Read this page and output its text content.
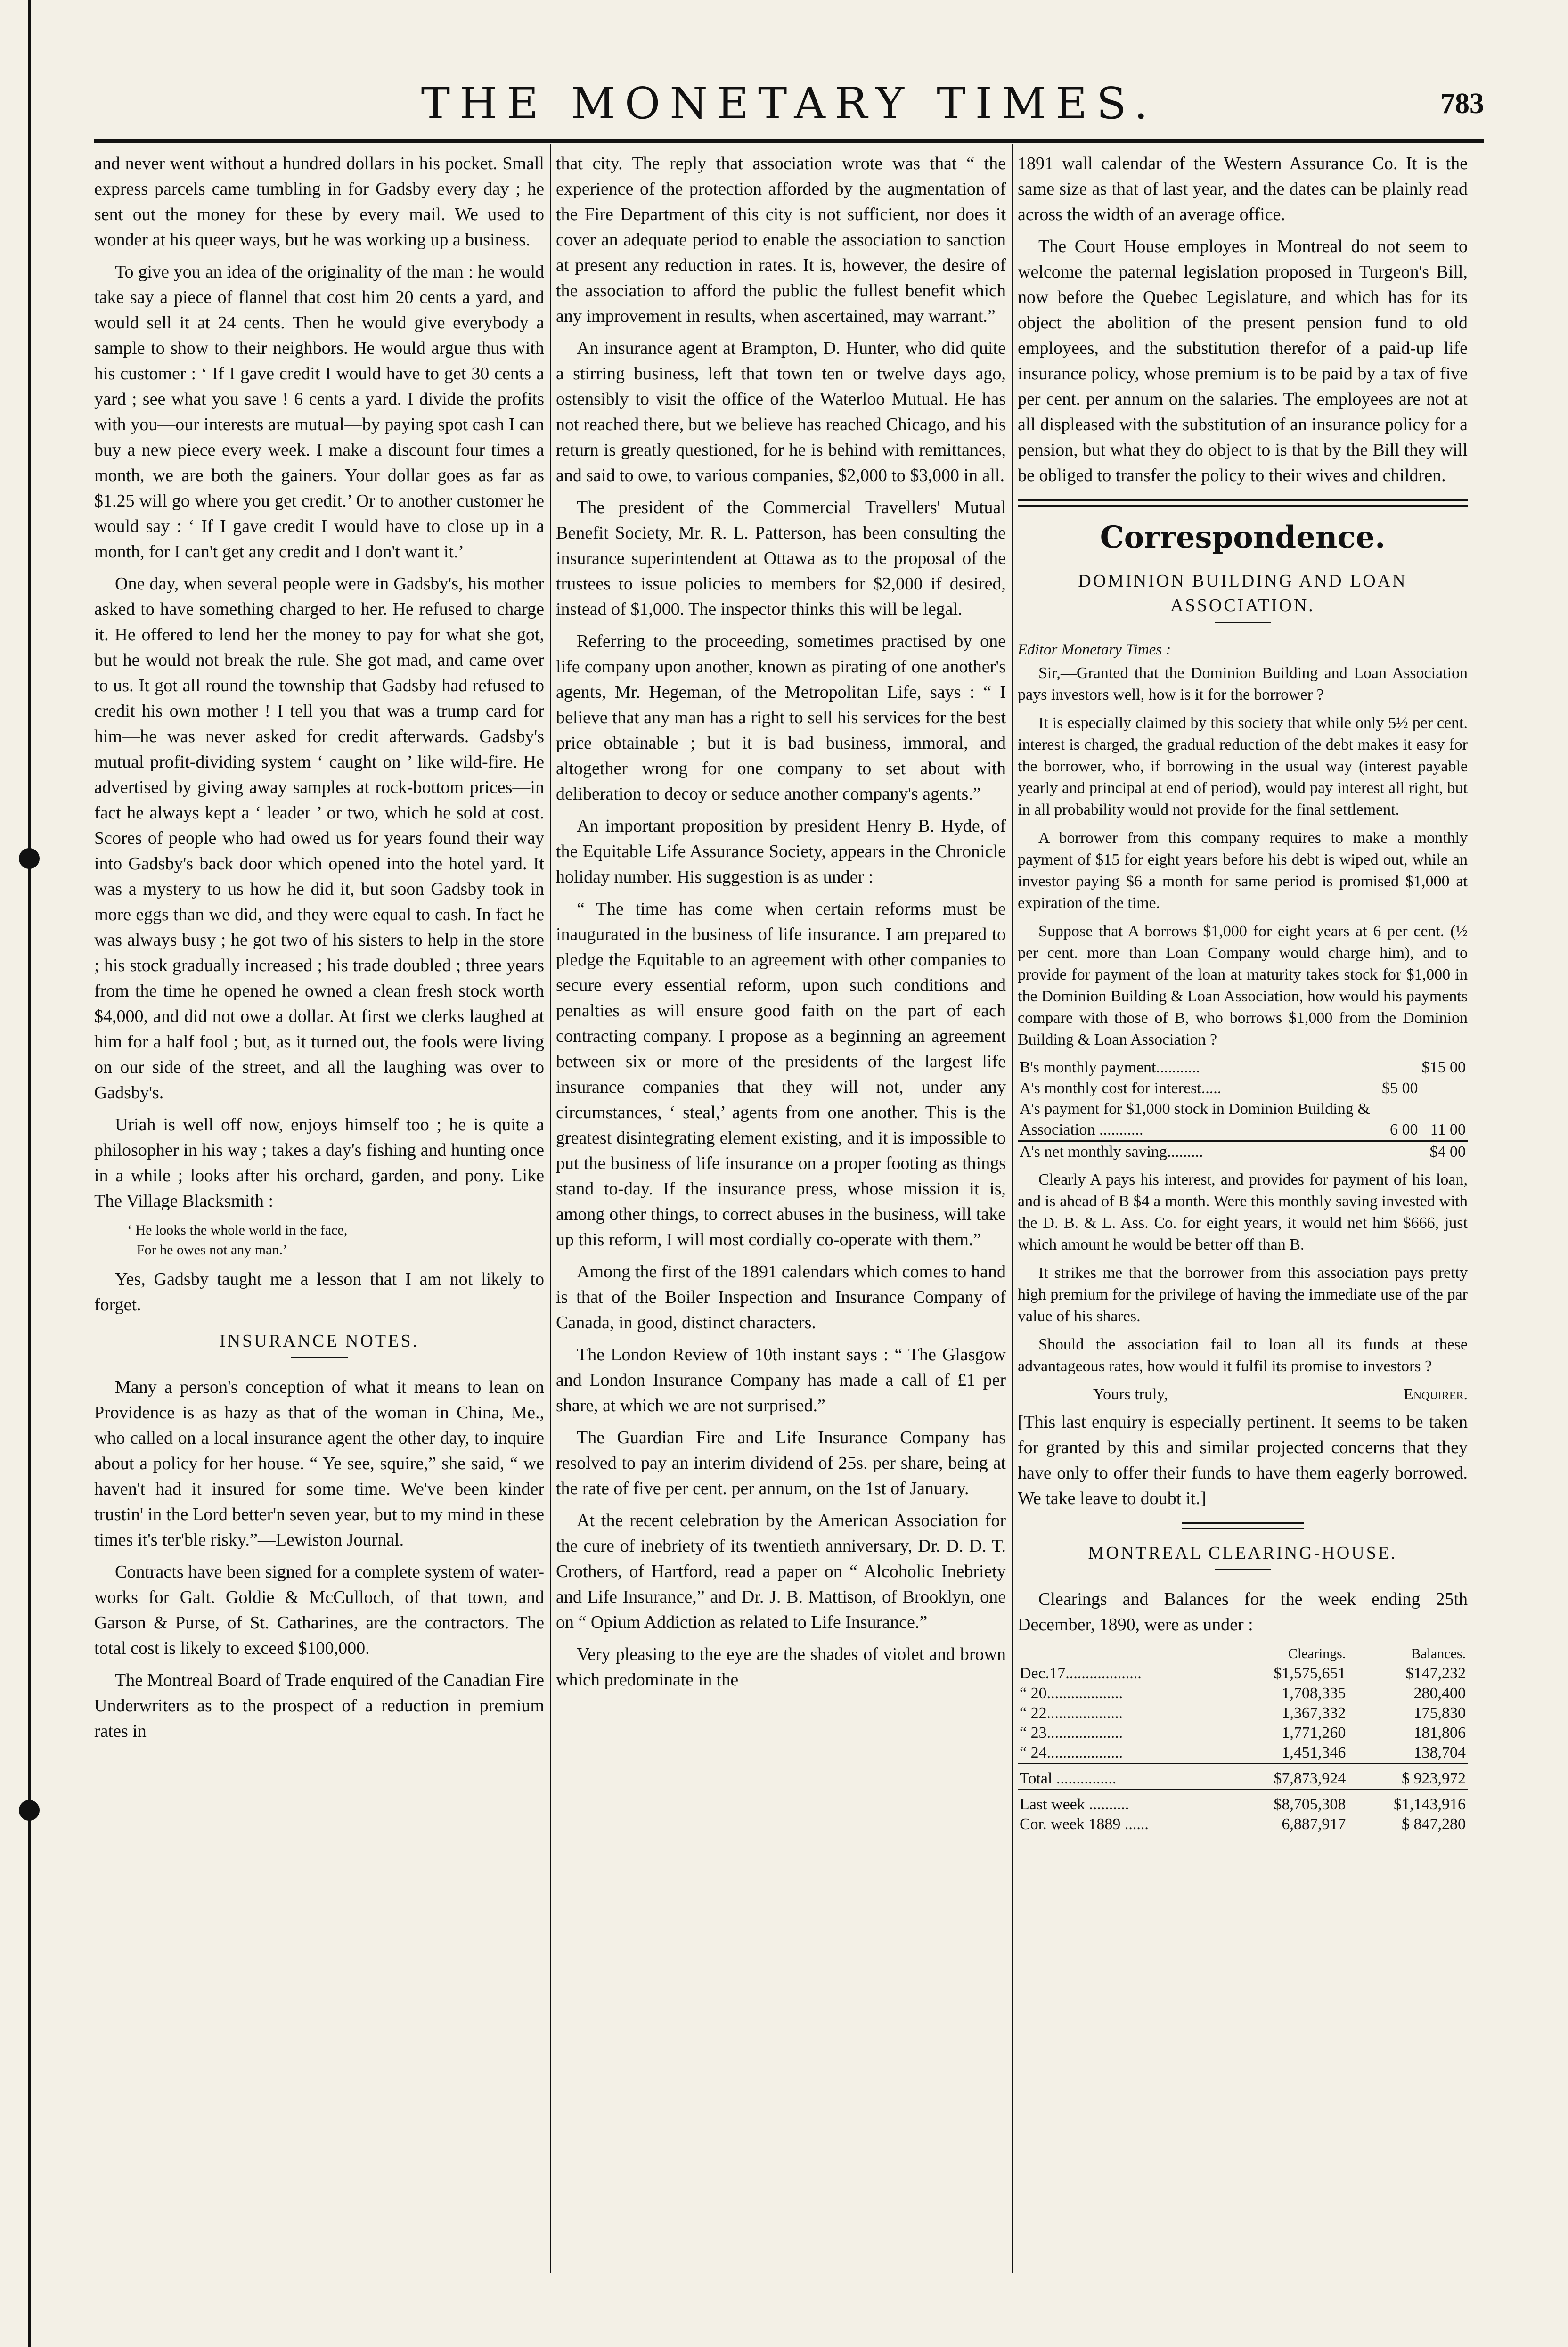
THE MONETARY TIMES.	783

and never went without a hundred dollars in his pocket. Small express parcels came tumbling in for Gadsby every day ; he sent out the money for these by every mail. We used to wonder at his queer ways, but he was working up a business.

To give you an idea of the originality of the man : he would take say a piece of flannel that cost him 20 cents a yard, and would sell it at 24 cents. Then he would give everybody a sample to show to their neighbors. He would argue thus with his customer : ‘ If I gave credit I would have to get 30 cents a yard ; see what you save ! 6 cents a yard. I divide the profits with you—our interests are mutual—by paying spot cash I can buy a new piece every week. I make a discount four times a month, we are both the gainers. Your dollar goes as far as $1.25 will go where you get credit.’ Or to another customer he would say : ‘ If I gave credit I would have to close up in a month, for I can't get any credit and I don't want it.’

One day, when several people were in Gadsby's, his mother asked to have something charged to her. He refused to charge it. He offered to lend her the money to pay for what she got, but he would not break the rule. She got mad, and came over to us. It got all round the township that Gadsby had refused to credit his own mother ! I tell you that was a trump card for him—he was never asked for credit afterwards. Gadsby's mutual profit-dividing system ‘ caught on ’ like wild-fire. He advertised by giving away samples at rock-bottom prices—in fact he always kept a ‘ leader ’ or two, which he sold at cost. Scores of people who had owed us for years found their way into Gadsby's back door which opened into the hotel yard. It was a mystery to us how he did it, but soon Gadsby took in more eggs than we did, and they were equal to cash. In fact he was always busy ; he got two of his sisters to help in the store ; his stock gradually increased ; his trade doubled ; three years from the time he opened he owned a clean fresh stock worth $4,000, and did not owe a dollar. At first we clerks laughed at him for a half fool ; but, as it turned out, the fools were living on our side of the street, and all the laughing was over to Gadsby's.

Uriah is well off now, enjoys himself too ; he is quite a philosopher in his way ; takes a day's fishing and hunting once in a while ; looks after his orchard, garden, and pony. Like The Village Blacksmith :

‘ He looks the whole world in the face,
For he owes not any man.’

Yes, Gadsby taught me a lesson that I am not likely to forget.

INSURANCE NOTES.

Many a person's conception of what it means to lean on Providence is as hazy as that of the woman in China, Me., who called on a local insurance agent the other day, to inquire about a policy for her house. “ Ye see, squire,” she said, “ we haven't had it insured for some time. We've been kinder trustin' in the Lord better'n seven year, but to my mind in these times it's ter'ble risky.”—Lewiston Journal.

Contracts have been signed for a complete system of water-works for Galt. Goldie & McCulloch, of that town, and Garson & Purse, of St. Catharines, are the contractors. The total cost is likely to exceed $100,000.

The Montreal Board of Trade enquired of the Canadian Fire Underwriters as to the prospect of a reduction in premium rates in

that city. The reply that association wrote was that “ the experience of the protection afforded by the augmentation of the Fire Department of this city is not sufficient, nor does it cover an adequate period to enable the association to sanction at present any reduction in rates. It is, however, the desire of the association to afford the public the fullest benefit which any improvement in results, when ascertained, may warrant.”

An insurance agent at Brampton, D. Hunter, who did quite a stirring business, left that town ten or twelve days ago, ostensibly to visit the office of the Waterloo Mutual. He has not reached there, but we believe has reached Chicago, and his return is greatly questioned, for he is behind with remittances, and said to owe, to various companies, $2,000 to $3,000 in all.

The president of the Commercial Travellers' Mutual Benefit Society, Mr. R. L. Patterson, has been consulting the insurance superintendent at Ottawa as to the proposal of the trustees to issue policies to members for $2,000 if desired, instead of $1,000. The inspector thinks this will be legal.

Referring to the proceeding, sometimes practised by one life company upon another, known as pirating of one another's agents, Mr. Hegeman, of the Metropolitan Life, says : “ I believe that any man has a right to sell his services for the best price obtainable ; but it is bad business, immoral, and altogether wrong for one company to set about with deliberation to decoy or seduce another company's agents.”

An important proposition by president Henry B. Hyde, of the Equitable Life Assurance Society, appears in the Chronicle holiday number. His suggestion is as under :

“ The time has come when certain reforms must be inaugurated in the business of life insurance. I am prepared to pledge the Equitable to an agreement with other companies to secure every essential reform, upon such conditions and penalties as will ensure good faith on the part of each contracting company. I propose as a beginning an agreement between six or more of the presidents of the largest life insurance companies that they will not, under any circumstances, ‘ steal,’ agents from one another. This is the greatest disintegrating element existing, and it is impossible to put the business of life insurance on a proper footing as things stand to-day. If the insurance press, whose mission it is, among other things, to correct abuses in the business, will take up this reform, I will most cordially co-operate with them.”

Among the first of the 1891 calendars which comes to hand is that of the Boiler Inspection and Insurance Company of Canada, in good, distinct characters.

The London Review of 10th instant says : “ The Glasgow and London Insurance Company has made a call of £1 per share, at which we are not surprised.”

The Guardian Fire and Life Insurance Company has resolved to pay an interim dividend of 25s. per share, being at the rate of five per cent. per annum, on the 1st of January.

At the recent celebration by the American Association for the cure of inebriety of its twentieth anniversary, Dr. D. D. T. Crothers, of Hartford, read a paper on “ Alcoholic Inebriety and Life Insurance,” and Dr. J. B. Mattison, of Brooklyn, one on “ Opium Addiction as related to Life Insurance.”

Very pleasing to the eye are the shades of violet and brown which predominate in the

1891 wall calendar of the Western Assurance Co. It is the same size as that of last year, and the dates can be plainly read across the width of an average office.

The Court House employes in Montreal do not seem to welcome the paternal legislation proposed in Turgeon's Bill, now before the Quebec Legislature, and which has for its object the abolition of the present pension fund to old employees, and the substitution therefor of a paid-up life insurance policy, whose premium is to be paid by a tax of five per cent. per annum on the salaries. The employees are not at all displeased with the substitution of an insurance policy for a pension, but what they do object to is that by the Bill they will be obliged to transfer the policy to their wives and children.

Correspondence.
DOMINION BUILDING AND LOAN ASSOCIATION.
Editor Monetary Times :

Sir,—Granted that the Dominion Building and Loan Association pays investors well, how is it for the borrower ?

It is especially claimed by this society that while only 5½ per cent. interest is charged, the gradual reduction of the debt makes it easy for the borrower, who, if borrowing in the usual way (interest payable yearly and principal at end of period), would pay interest all right, but in all probability would not provide for the final settlement.

A borrower from this company requires to make a monthly payment of $15 for eight years before his debt is wiped out, while an investor paying $6 a month for same period is promised $1,000 at expiration of the time.

Suppose that A borrows $1,000 for eight years at 6 per cent. (½ per cent. more than Loan Company would charge him), and to provide for payment of the loan at maturity takes stock for $1,000 in the Dominion Building & Loan Association, how would his payments compare with those of B, who borrows $1,000 from the Dominion Building & Loan Association ?

B's monthly payment...........		$15 00
A's monthly cost for interest.....	$5 00	
A's payment for $1,000 stock in Dominion Building & Association ...........	6 00	11 00
A's net monthly saving.........		$4 00

Clearly A pays his interest, and provides for payment of his loan, and is ahead of B $4 a month. Were this monthly saving invested with the D. B. & L. Ass. Co. for eight years, it would net him $666, just which amount he would be better off than B.

It strikes me that the borrower from this association pays pretty high premium for the privilege of having the immediate use of the par value of his shares.

Should the association fail to loan all its funds at these advantageous rates, how would it fulfil its promise to investors ?

Yours truly,	Enquirer.

[This last enquiry is especially pertinent. It seems to be taken for granted by this and similar projected concerns that they have only to offer their funds to have them eagerly borrowed. We take leave to doubt it.]

MONTREAL CLEARING-HOUSE.

Clearings and Balances for the week ending 25th December, 1890, were as under :

	Clearings.	Balances.
Dec.17...................	$1,575,651	$147,232
“ 20...................	1,708,335	280,400
“ 22...................	1,367,332	175,830
“ 23...................	1,771,260	181,806
“ 24...................	1,451,346	138,704
Total ...............	$7,873,924	$ 923,972
Last week ..........	$8,705,308	$1,143,916
Cor. week 1889 ......	6,887,917	$ 847,280
